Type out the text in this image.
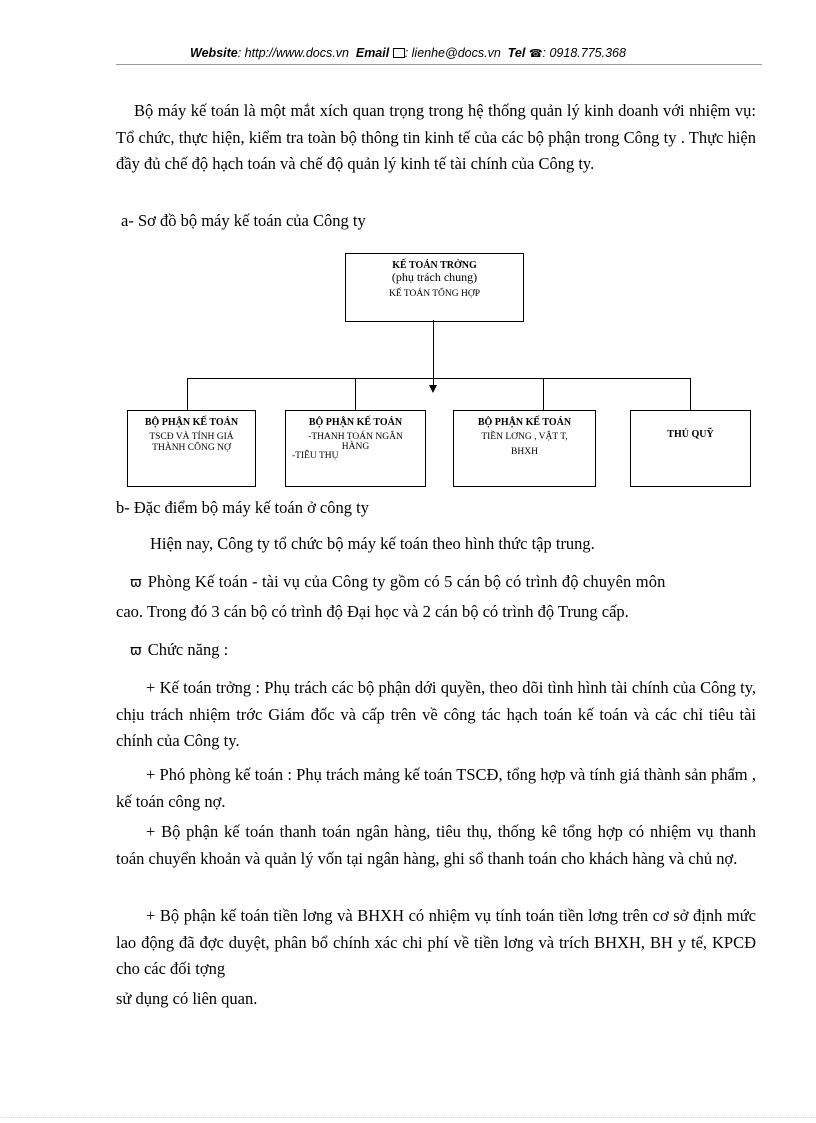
Website: http://www.docs.vn Email : lienhe@docs.vn Tel ☎: 0918.775.368
Bộ máy kế toán là một mắt xích quan trọng trong hệ thống quản lý kinh doanh với nhiệm vụ: Tổ chức, thực hiện, kiểm tra toàn bộ thông tin kinh tế của các bộ phận trong Công ty . Thực hiện đầy đủ chế độ hạch toán và chế độ quản lý kinh tế tài chính của Công ty.
a- Sơ đồ bộ máy kế toán của Công ty
KẾ TOÁN TRỞNG
(phụ trách chung)
KẾ TOÁN TỔNG HỢP
BỘ PHẬN KẾ TOÁN
TSCĐ VÀ TÍNH GIÁ
THÀNH CÔNG NỢ
BỘ PHẬN KẾ TOÁN
-THANH TOÁN NGÂN
HÀNG
-TIÊU THỤ
BỘ PHẬN KẾ TOÁN
TIỀN LƠNG , VẬT T,
BHXH
THỦ QUỸ
b- Đặc điểm bộ máy kế toán ở công ty
Hiện nay, Công ty tổ chức bộ máy kế toán theo hình thức tập trung.
ϖ Phòng Kế toán - tài vụ của Công ty gồm có 5 cán bộ có trình độ chuyên môn
cao. Trong đó 3 cán bộ có trình độ Đại học và 2 cán bộ có trình độ Trung cấp.
ϖ Chức năng :
+ Kế toán trởng : Phụ trách các bộ phận dới quyền, theo dõi tình hình tài chính của Công ty, chịu trách nhiệm trớc Giám đốc và cấp trên về công tác hạch toán kế toán và các chỉ tiêu tài chính của Công ty.
+ Phó phòng kế toán : Phụ trách mảng kế toán TSCĐ, tổng hợp và tính giá thành sản phẩm , kế toán công nợ.
+ Bộ phận kế toán thanh toán ngân hàng, tiêu thụ, thống kê tổng hợp có nhiệm vụ thanh toán chuyển khoản và quản lý vốn tại ngân hàng, ghi sổ thanh toán cho khách hàng và chủ nợ.
+ Bộ phận kế toán tiền lơng và BHXH có nhiệm vụ tính toán tiền lơng trên cơ sở định mức lao động đã đợc duyệt, phân bổ chính xác chi phí về tiền lơng và trích BHXH, BH y tế, KPCĐ cho các đối tợng
sử dụng có liên quan.
